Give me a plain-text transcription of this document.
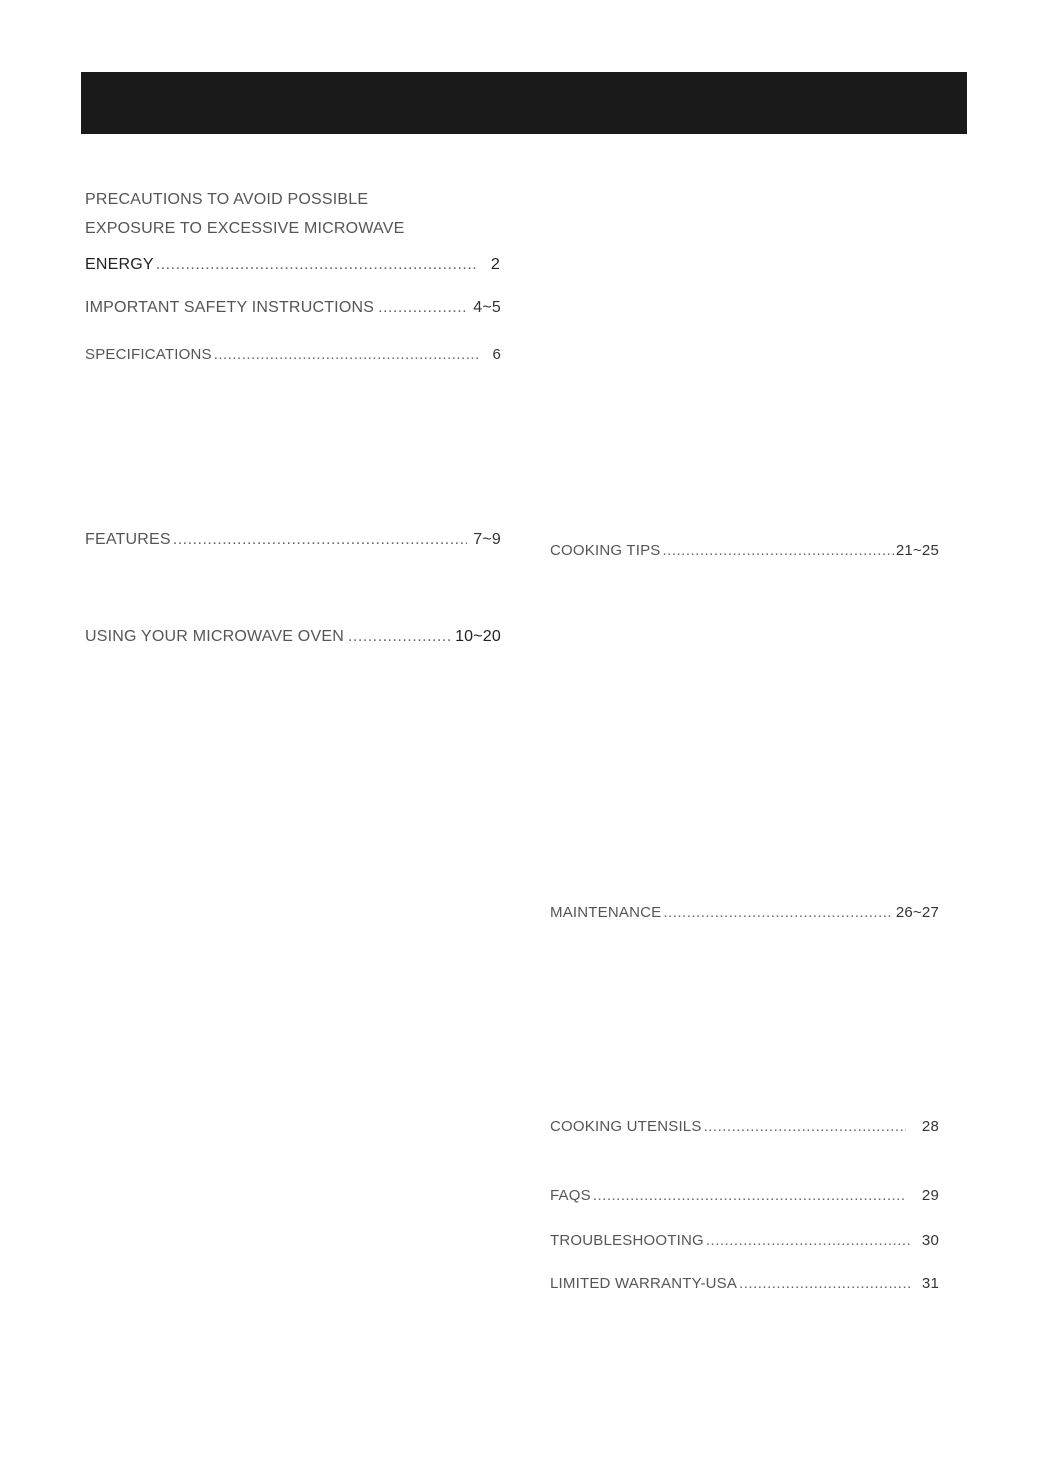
PRECAUTIONS TO AVOID POSSIBLE
EXPOSURE TO EXCESSIVE MICROWAVE
ENERGY .....	2
IMPORTANT SAFETY INSTRUCTIONS .....	4~5
SPECIFICATIONS .....	6
FEATURES .....	7~9
USING YOUR MICROWAVE OVEN .....	10~20
COOKING TIPS .....	21~25
MAINTENANCE .....	26~27
COOKING UTENSILS .....	28
FAQS .....	29
TROUBLESHOOTING .....	30
LIMITED WARRANTY-USA .....	31
